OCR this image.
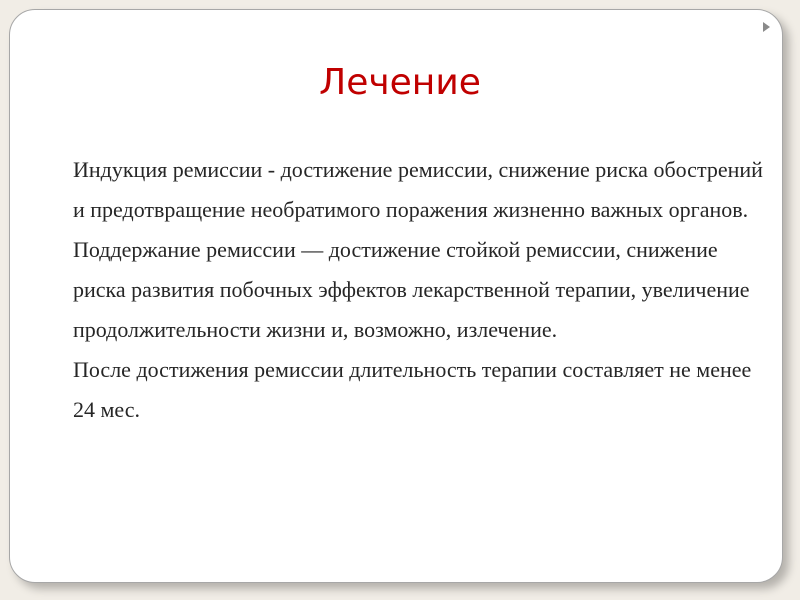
Лечение

Индукция ремиссии - достижение ремиссии, снижение риска обострений и предотвращение необратимого поражения жизненно важных органов.

Поддержание ремиссии — достижение стойкой ремиссии, снижение риска развития побочных эффектов лекарственной терапии, увеличение продолжительности жизни и, возможно, излечение.

После достижения ремиссии длительность терапии составляет не менее 24 мес.
